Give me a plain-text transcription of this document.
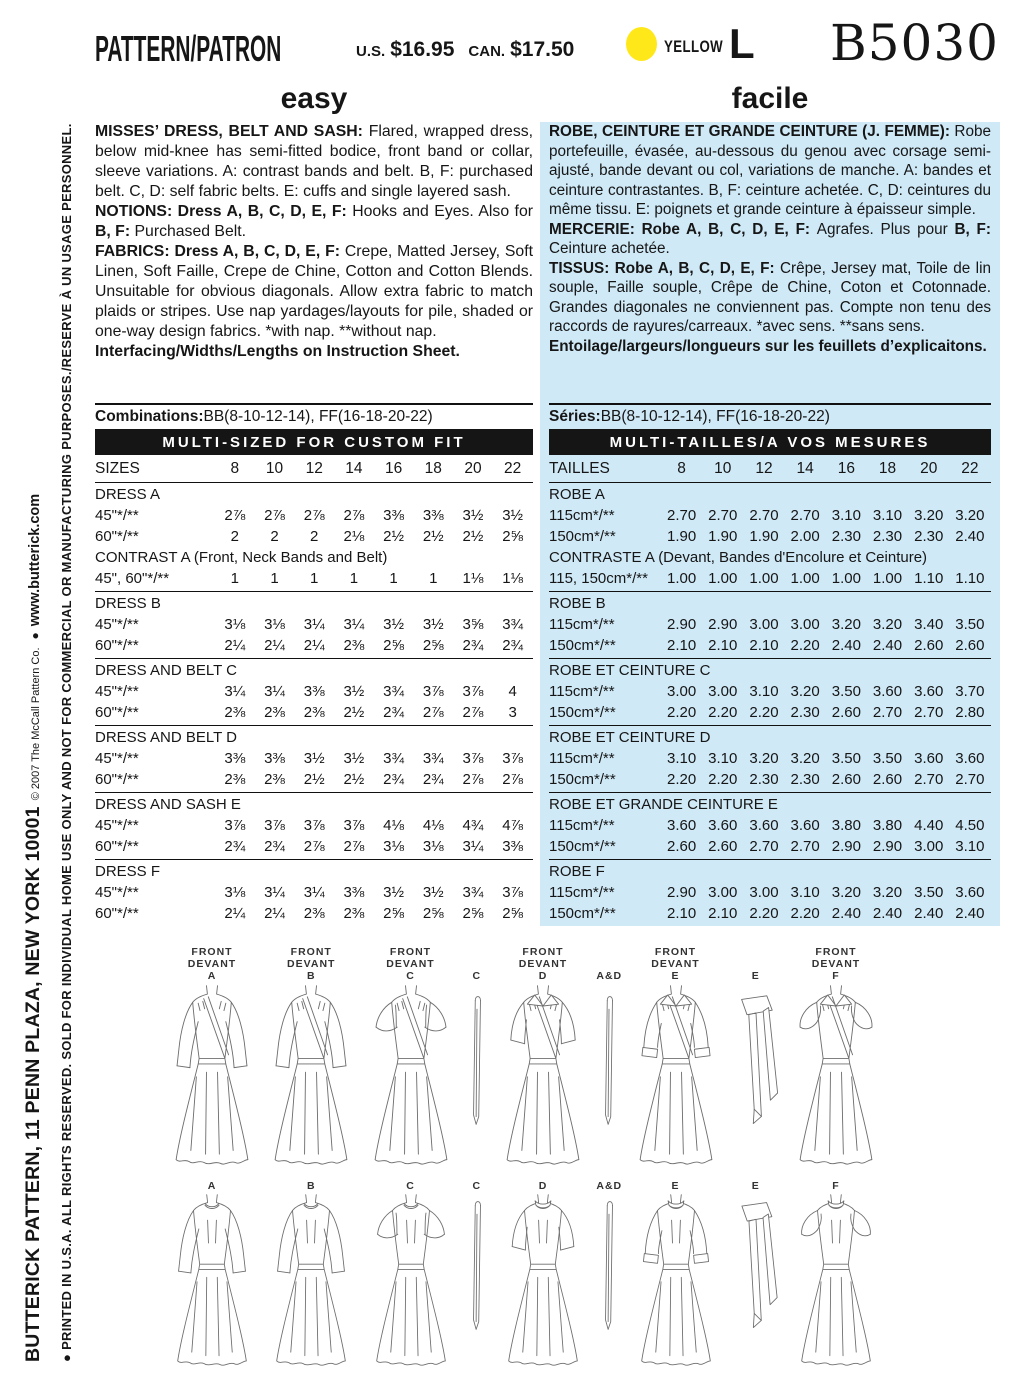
BUTTERICK PATTERN, 11 PENN PLAZA, NEW YORK 10001© 2007 The McCall Pattern Co.●www.butterick.com ● PRINTED IN U.S.A. ALL RIGHTS RESERVED. SOLD FOR INDIVIDUAL HOME USE ONLY AND NOT FOR COMMERCIAL OR MANUFACTURING PURPOSES./RESERVE À UN USAGE PERSONNEL.
PATTERN/PATRON	U.S. $16.95 CAN. $17.50	YELLOW L B5030
easy	facile
MISSES’ DRESS, BELT AND SASH: Flared, wrapped dress, below mid-knee has semi-fitted bodice, front band or collar, sleeve variations. A: contrast bands and belt. B, F: purchased belt. C, D: self fabric belts. E: cuffs and single layered sash.
NOTIONS: Dress A, B, C, D, E, F: Hooks and Eyes. Also for B, F: Purchased Belt.
FABRICS: Dress A, B, C, D, E, F: Crepe, Matted Jersey, Soft Linen, Soft Faille, Crepe de Chine, Cotton and Cotton Blends. Unsuitable for obvious diagonals. Allow extra fabric to match plaids or stripes. Use nap yardages/layouts for pile, shaded or one-way design fabrics. *with nap. **without nap.
Interfacing/Widths/Lengths on Instruction Sheet.
Combinations: BB(8-10-12-14), FF(16-18-20-22)
MULTI-SIZED FOR CUSTOM FIT
SIZES	8	10	12	14	16	18	20	22
DRESS A
45"*/**	2⅞	2⅞	2⅞	2⅞	3⅜	3⅜	3½	3½
60"*/**	2	2	2	2⅛	2½	2½	2½	2⅝
CONTRAST A (Front, Neck Bands and Belt)
45", 60"*/**	1	1	1	1	1	1	1⅛	1⅛
DRESS B
45"*/**	3⅛	3⅛	3¼	3¼	3½	3½	3⅝	3¾
60"*/**	2¼	2¼	2¼	2⅜	2⅝	2⅝	2¾	2¾
DRESS AND BELT C
45"*/**	3¼	3¼	3⅜	3½	3¾	3⅞	3⅞	4
60"*/**	2⅜	2⅜	2⅜	2½	2¾	2⅞	2⅞	3
DRESS AND BELT D
45"*/**	3⅜	3⅜	3½	3½	3¾	3¾	3⅞	3⅞
60"*/**	2⅜	2⅜	2½	2½	2¾	2¾	2⅞	2⅞
DRESS AND SASH E
45"*/**	3⅞	3⅞	3⅞	3⅞	4⅛	4⅛	4¾	4⅞
60"*/**	2¾	2¾	2⅞	2⅞	3⅛	3⅛	3¼	3⅜
DRESS F
45"*/**	3⅛	3¼	3¼	3⅜	3½	3½	3¾	3⅞
60"*/**	2¼	2¼	2⅜	2⅜	2⅝	2⅝	2⅝	2⅝
ROBE, CEINTURE ET GRANDE CEINTURE (J. FEMME): Robe portefeuille, évasée, au-dessous du genou avec corsage semi-ajusté, bande devant ou col, variations de manche. A: bandes et ceinture contrastantes. B, F: ceinture achetée. C, D: ceintures du même tissu. E: poignets et grande ceinture à épaisseur simple.
MERCERIE: Robe A, B, C, D, E, F: Agrafes. Plus pour B, F: Ceinture achetée.
TISSUS: Robe A, B, C, D, E, F: Crêpe, Jersey mat, Toile de lin souple, Faille souple, Crêpe de Chine, Coton et Cotonnade. Grandes diagonales ne conviennent pas. Compte non tenu des raccords de rayures/carreaux. *avec sens. **sans sens.
Entoilage/largeurs/longueurs sur les feuillets d’explicaitons.
Séries: BB(8-10-12-14), FF(16-18-20-22)
MULTI-TAILLES/A VOS MESURES
TAILLES	8	10	12	14	16	18	20	22
ROBE A
115cm*/**	2.70 2.70 2.70 2.70 3.10 3.10 3.20 3.20
150cm*/**	1.90 1.90 1.90 2.00 2.30 2.30 2.30 2.40
CONTRASTE A (Devant, Bandes d'Encolure et Ceinture)
115, 150cm*/**	1.00 1.00 1.00 1.00 1.00 1.00 1.10 1.10
ROBE B
115cm*/**	2.90 2.90 3.00 3.00 3.20 3.20 3.40 3.50
150cm*/**	2.10 2.10 2.10 2.20 2.40 2.40 2.60 2.60
ROBE ET CEINTURE C
115cm*/**	3.00 3.00 3.10 3.20 3.50 3.60 3.60 3.70
150cm*/**	2.20 2.20 2.20 2.30 2.60 2.70 2.70 2.80
ROBE ET CEINTURE D
115cm*/**	3.10 3.10 3.20 3.20 3.50 3.50 3.60 3.60
150cm*/**	2.20 2.20 2.30 2.30 2.60 2.60 2.70 2.70
ROBE ET GRANDE CEINTURE E
115cm*/**	3.60 3.60 3.60 3.60 3.80 3.80 4.40 4.50
150cm*/**	2.60 2.60 2.70 2.70 2.90 2.90 3.00 3.10
ROBE F
115cm*/**	2.90 3.00 3.00 3.10 3.20 3.20 3.50 3.60
150cm*/**	2.10 2.10 2.20 2.20 2.40 2.40 2.40 2.40
FRONT
DEVANT
A
FRONT
DEVANT
B
FRONT
DEVANT
C

	C
FRONT
DEVANT
D

	A&D
FRONT
DEVANT
E

	E
FRONT
DEVANT
F
A	B	C	C	D	A&D	E	E	F
